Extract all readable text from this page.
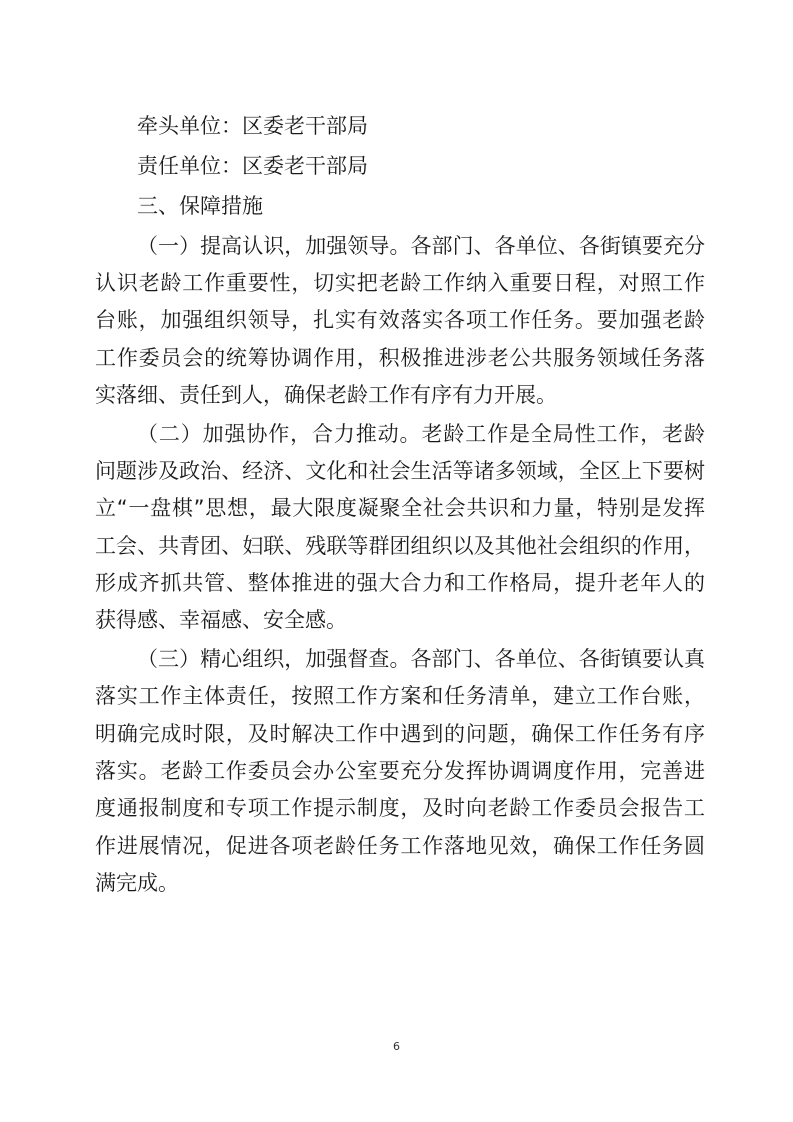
牵头单位：区委老干部局
责任单位：区委老干部局
三、保障措施
（一）提高认识，加强领导。各部门、各单位、各街镇要充分
认识老龄工作重要性，切实把老龄工作纳入重要日程，对照工作
台账，加强组织领导，扎实有效落实各项工作任务。要加强老龄
工作委员会的统筹协调作用，积极推进涉老公共服务领域任务落
实落细、责任到人，确保老龄工作有序有力开展。
（二）加强协作，合力推动。老龄工作是全局性工作，老龄
问题涉及政治、经济、文化和社会生活等诸多领域，全区上下要树
立“一盘棋”思想，最大限度凝聚全社会共识和力量，特别是发挥
工会、共青团、妇联、残联等群团组织以及其他社会组织的作用，
形成齐抓共管、整体推进的强大合力和工作格局，提升老年人的
获得感、幸福感、安全感。
（三）精心组织，加强督查。各部门、各单位、各街镇要认真
落实工作主体责任，按照工作方案和任务清单，建立工作台账，
明确完成时限，及时解决工作中遇到的问题，确保工作任务有序
落实。老龄工作委员会办公室要充分发挥协调调度作用，完善进
度通报制度和专项工作提示制度，及时向老龄工作委员会报告工
作进展情况，促进各项老龄任务工作落地见效，确保工作任务圆
满完成。
6
